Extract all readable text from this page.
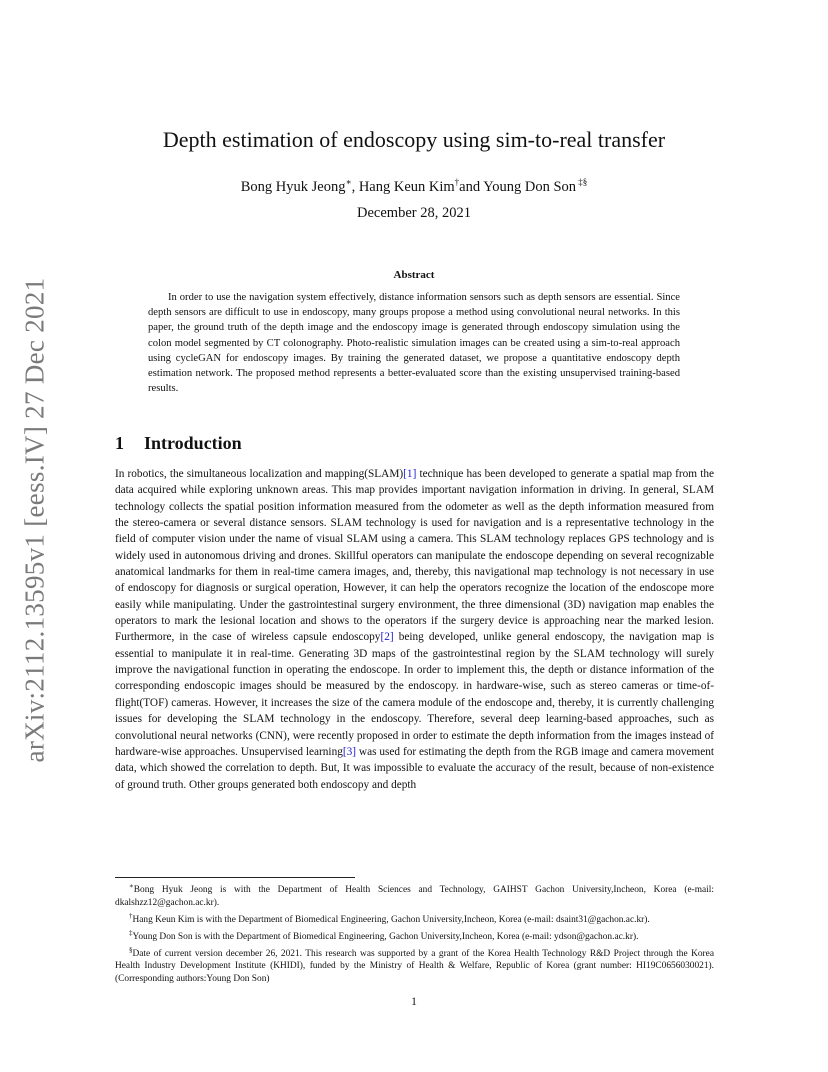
arXiv:2112.13595v1 [eess.IV] 27 Dec 2021
Depth estimation of endoscopy using sim-to-real transfer
Bong Hyuk Jeong∗, Hang Keun Kim†and Young Don Son ‡§
December 28, 2021
Abstract

In order to use the navigation system effectively, distance information sensors such as depth sensors are essential. Since depth sensors are difficult to use in endoscopy, many groups propose a method using convolutional neural networks. In this paper, the ground truth of the depth image and the endoscopy image is generated through endoscopy simulation using the colon model segmented by CT colonography. Photo-realistic simulation images can be created using a sim-to-real approach using cycleGAN for endoscopy images. By training the generated dataset, we propose a quantitative endoscopy depth estimation network. The proposed method represents a better-evaluated score than the existing unsupervised training-based results.

1 Introduction

In robotics, the simultaneous localization and mapping(SLAM)[1] technique has been developed to generate a spatial map from the data acquired while exploring unknown areas. This map provides important navigation information in driving. In general, SLAM technology collects the spatial position information measured from the odometer as well as the depth information measured from the stereo-camera or several distance sensors. SLAM technology is used for navigation and is a representative technology in the field of computer vision under the name of visual SLAM using a camera. This SLAM technology replaces GPS technology and is widely used in autonomous driving and drones. Skillful operators can manipulate the endoscope depending on several recognizable anatomical landmarks for them in real-time camera images, and, thereby, this navigational map technology is not necessary in use of endoscopy for diagnosis or surgical operation, However, it can help the operators recognize the location of the endoscope more easily while manipulating. Under the gastrointestinal surgery environment, the three dimensional (3D) navigation map enables the operators to mark the lesional location and shows to the operators if the surgery device is approaching near the marked lesion. Furthermore, in the case of wireless capsule endoscopy[2] being developed, unlike general endoscopy, the navigation map is essential to manipulate it in real-time. Generating 3D maps of the gastrointestinal region by the SLAM technology will surely improve the navigational function in operating the endoscope. In order to implement this, the depth or distance information of the corresponding endoscopic images should be measured by the endoscopy. in hardware-wise, such as stereo cameras or time-of-flight(TOF) cameras. However, it increases the size of the camera module of the endoscope and, thereby, it is currently challenging issues for developing the SLAM technology in the endoscopy. Therefore, several deep learning-based approaches, such as convolutional neural networks (CNN), were recently proposed in order to estimate the depth information from the images instead of hardware-wise approaches. Unsupervised learning[3] was used for estimating the depth from the RGB image and camera movement data, which showed the correlation to depth. But, It was impossible to evaluate the accuracy of the result, because of non-existence of ground truth. Other groups generated both endoscopy and depth

∗Bong Hyuk Jeong is with the Department of Health Sciences and Technology, GAIHST Gachon University,Incheon, Korea (e-mail: dkalshzz12@gachon.ac.kr).

†Hang Keun Kim is with the Department of Biomedical Engineering, Gachon University,Incheon, Korea (e-mail: dsaint31@gachon.ac.kr).

‡Young Don Son is with the Department of Biomedical Engineering, Gachon University,Incheon, Korea (e-mail: ydson@gachon.ac.kr).

§Date of current version december 26, 2021. This research was supported by a grant of the Korea Health Technology R&D Project through the Korea Health Industry Development Institute (KHIDI), funded by the Ministry of Health & Welfare, Republic of Korea (grant number: HI19C0656030021). (Corresponding authors:Young Don Son)

1
